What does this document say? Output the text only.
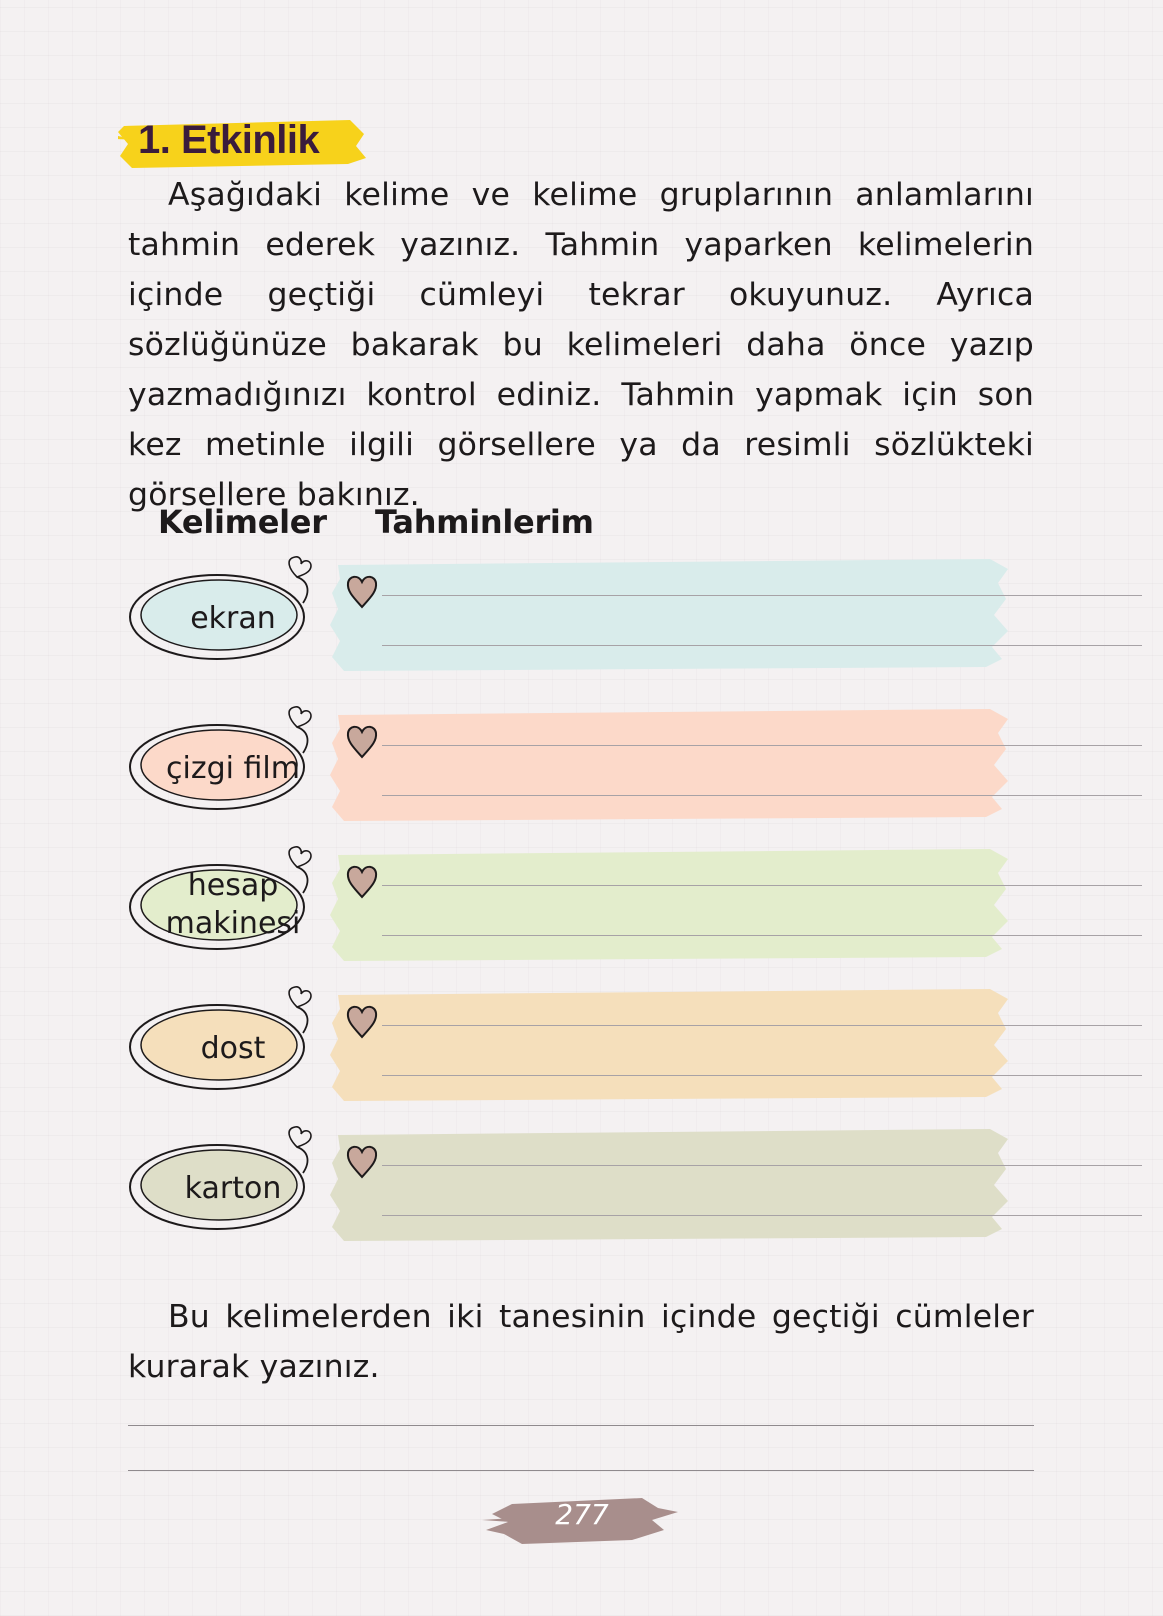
1. Etkinlik

Aşağıdaki kelime ve kelime gruplarının anlamlarını tahmin ederek yazınız. Tahmin yaparken kelimelerin içinde geçtiği cümleyi tekrar okuyunuz. Ayrıca sözlüğünüze bakarak bu kelimeleri daha önce yazıp yazmadığınızı kontrol ediniz. Tahmin yapmak için son kez metinle ilgili görsellere ya da resimli sözlükteki görsellere bakınız.

Kelimeler Tahminlerim

ekran
çizgi film
hesap
makinesi
dost
karton

Bu kelimelerden iki tanesinin içinde geçtiği cümleler kurarak yazınız.

277
